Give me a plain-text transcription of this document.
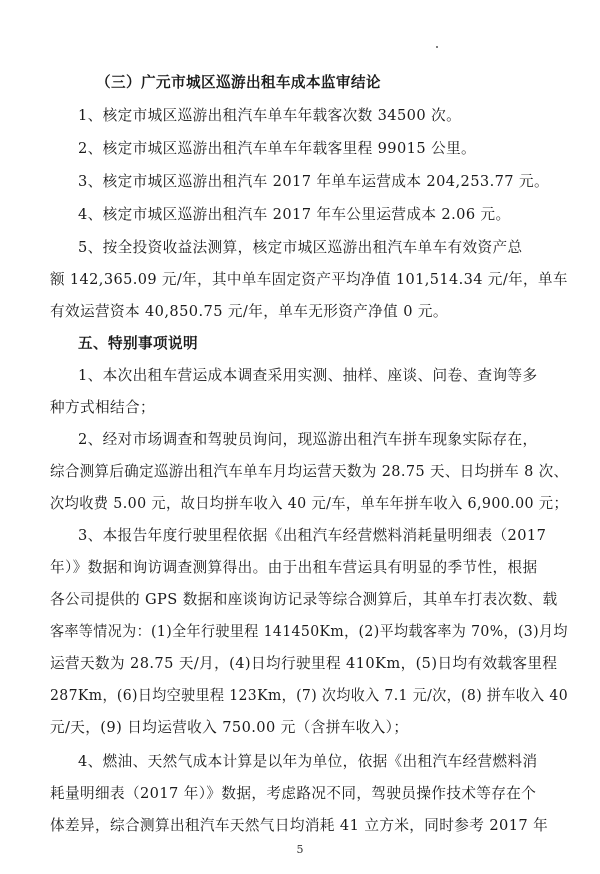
（三）广元市城区巡游出租车成本监审结论
1、核定市城区巡游出租汽车单车年载客次数 34500 次。
2、核定市城区巡游出租汽车单车年载客里程 99015 公里。
3、核定市城区巡游出租汽车 2017 年单车运营成本 204,253.77 元。
4、核定市城区巡游出租汽车 2017 年车公里运营成本 2.06 元。
5、按全投资收益法测算，核定市城区巡游出租汽车单车有效资产总
额 142,365.09 元/年，其中单车固定资产平均净值 101,514.34 元/年，单车
有效运营资本 40,850.75 元/年，单车无形资产净值 0 元。
五、特别事项说明
1、本次出租车营运成本调查采用实测、抽样、座谈、问卷、查询等多
种方式相结合；
2、经对市场调查和驾驶员询问，现巡游出租汽车拼车现象实际存在，
综合测算后确定巡游出租汽车单车月均运营天数为 28.75 天、日均拼车 8 次、
次均收费 5.00 元，故日均拼车收入 40 元/车，单车年拼车收入 6,900.00 元；
3、本报告年度行驶里程依据《出租汽车经营燃料消耗量明细表（2017
年）》数据和询访调查测算得出。由于出租车营运具有明显的季节性，根据
各公司提供的 GPS 数据和座谈询访记录等综合测算后，其单车打表次数、载
客率等情况为：(1)全年行驶里程 141450Km，(2)平均载客率为 70%，(3)月均
运营天数为 28.75 天/月，(4)日均行驶里程 410Km，(5)日均有效载客里程
287Km，(6)日均空驶里程 123Km，(7) 次均收入 7.1 元/次，(8) 拼车收入 40
元/天，(9) 日均运营收入 750.00 元（含拼车收入）；
4、燃油、天然气成本计算是以年为单位，依据《出租汽车经营燃料消
耗量明细表（2017 年）》数据，考虑路况不同，驾驶员操作技术等存在个
体差异，综合测算出租汽车天然气日均消耗 41 立方米，同时参考 2017 年
5
